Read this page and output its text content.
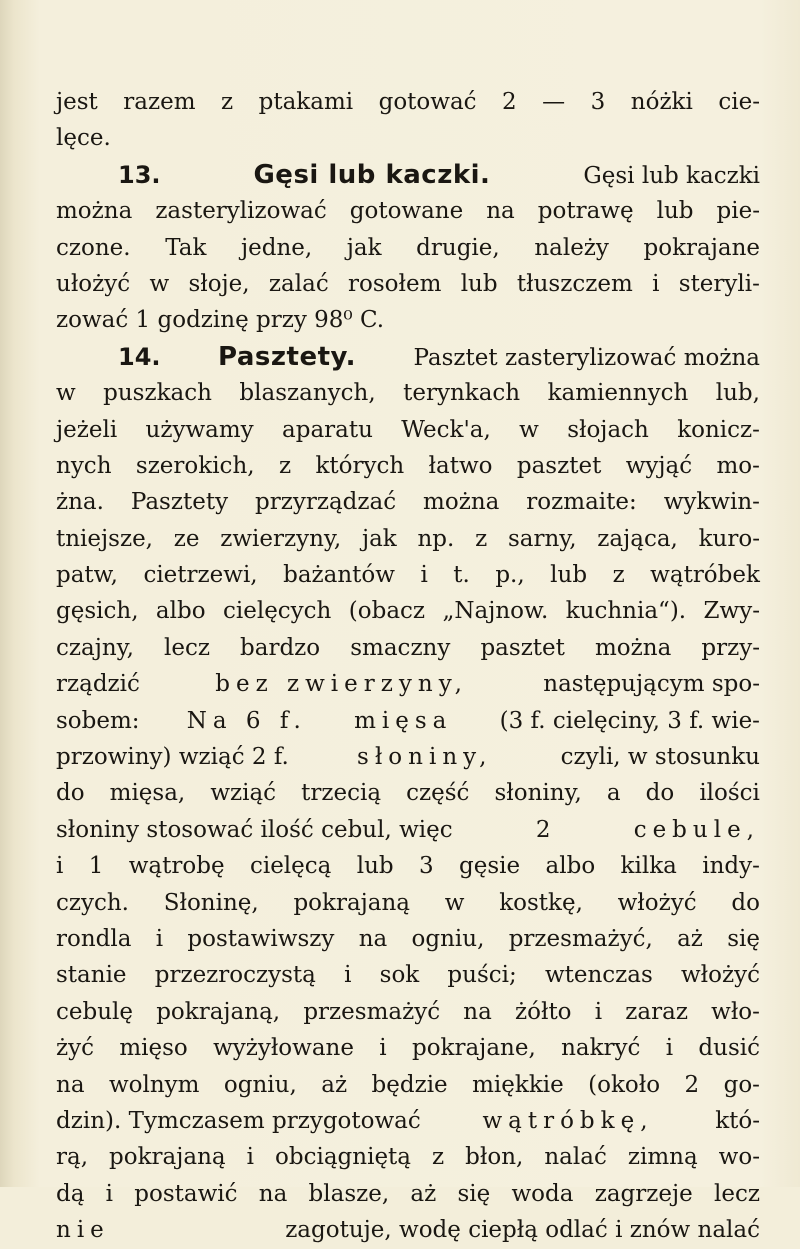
jest razem z ptakami gotować 2 — 3 nóżki cie-
lęce.
13.	Gęsi lub kaczki.	Gęsi lub kaczki
można zasterylizować gotowane na potrawę lub pie-
czone. Tak jedne, jak drugie, należy pokrajane
ułożyć w słoje, zalać rosołem lub tłuszczem i steryli-
zować 1 godzinę przy 98⁰ C.
14. Pasztety.	Pasztet zasterylizować można
w puszkach blaszanych, terynkach kamiennych lub,
jeżeli używamy aparatu Weck'a, w słojach konicz-
nych szerokich, z których łatwo pasztet wyjąć mo-
żna. Pasztety przyrządzać można rozmaite: wykwin-
tniejsze, ze zwierzyny, jak np. z sarny, zająca, kuro-
patw, cietrzewi, bażantów i t. p., lub z wątróbek
gęsich, albo cielęcych (obacz „Najnow. kuchnia“). Zwy-
czajny, lecz bardzo smaczny pasztet można przy-
rządzić	bez zwierzyny,	następującym spo-
sobem: Na 6 f. mięsa (3 f. cielęciny, 3 f. wie-
przowiny) wziąć 2 f.	słoniny,	czyli, w stosunku
do mięsa, wziąć trzecią część słoniny, a do ilości
słoniny stosować ilość cebul, więc	2	cebule,
i 1 wątrobę cielęcą lub 3 gęsie albo kilka indy-
czych. Słoninę, pokrajaną w kostkę, włożyć do
rondla i postawiwszy na ogniu, przesmażyć, aż się
stanie przezroczystą i sok puści; wtenczas włożyć
cebulę pokrajaną, przesmażyć na żółto i zaraz wło-
żyć mięso wyżyłowane i pokrajane, nakryć i dusić
na wolnym ogniu, aż będzie miękkie (około 2 go-
dzin). Tymczasem przygotować	wątróbkę,	któ-
rą, pokrajaną i obciągniętą z błon, nalać zimną wo-
dą i postawić na blasze, aż się woda zagrzeje lecz
nie	zagotuje, wodę ciepłą odlać i znów nalać
